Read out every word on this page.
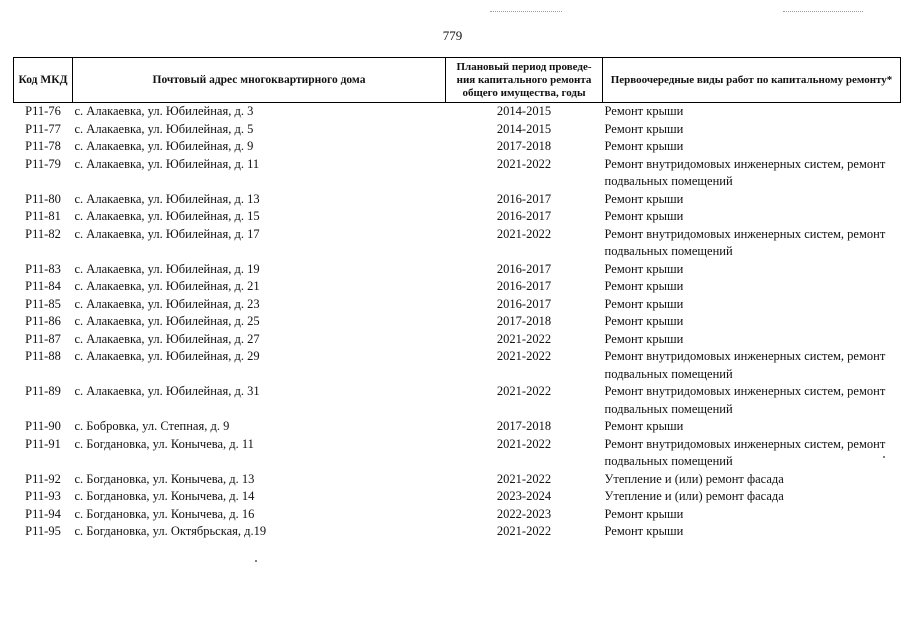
779
Код МКД	Почтовый адрес многоквартирного дома	Плановый период проведе-ния капитального ремонта общего имущества, годы	Первоочередные виды работ по капитальному ремонту*
Р11-76	с. Алакаевка, ул. Юбилейная, д. 3	2014-2015	Ремонт крыши
Р11-77	с. Алакаевка, ул. Юбилейная, д. 5	2014-2015	Ремонт крыши
Р11-78	с. Алакаевка, ул. Юбилейная, д. 9	2017-2018	Ремонт крыши
Р11-79	с. Алакаевка, ул. Юбилейная, д. 11	2021-2022	Ремонт внутридомовых инженерных систем, ремонт подвальных помещений
Р11-80	с. Алакаевка, ул. Юбилейная, д. 13	2016-2017	Ремонт крыши
Р11-81	с. Алакаевка, ул. Юбилейная, д. 15	2016-2017	Ремонт крыши
Р11-82	с. Алакаевка, ул. Юбилейная, д. 17	2021-2022	Ремонт внутридомовых инженерных систем, ремонт подвальных помещений
Р11-83	с. Алакаевка, ул. Юбилейная, д. 19	2016-2017	Ремонт крыши
Р11-84	с. Алакаевка, ул. Юбилейная, д. 21	2016-2017	Ремонт крыши
Р11-85	с. Алакаевка, ул. Юбилейная, д. 23	2016-2017	Ремонт крыши
Р11-86	с. Алакаевка, ул. Юбилейная, д. 25	2017-2018	Ремонт крыши
Р11-87	с. Алакаевка, ул. Юбилейная, д. 27	2021-2022	Ремонт крыши
Р11-88	с. Алакаевка, ул. Юбилейная, д. 29	2021-2022	Ремонт внутридомовых инженерных систем, ремонт подвальных помещений
Р11-89	с. Алакаевка, ул. Юбилейная, д. 31	2021-2022	Ремонт внутридомовых инженерных систем, ремонт подвальных помещений
Р11-90	с. Бобровка, ул. Степная, д. 9	2017-2018	Ремонт крыши
Р11-91	с. Богдановка, ул. Конычева, д. 11	2021-2022	Ремонт внутридомовых инженерных систем, ремонт подвальных помещений
Р11-92	с. Богдановка, ул. Конычева, д. 13	2021-2022	Утепление и (или) ремонт фасада
Р11-93	с. Богдановка, ул. Конычева, д. 14	2023-2024	Утепление и (или) ремонт фасада
Р11-94	с. Богдановка, ул. Конычева, д. 16	2022-2023	Ремонт крыши
Р11-95	с. Богдановка, ул. Октябрьская, д.19	2021-2022	Ремонт крыши
